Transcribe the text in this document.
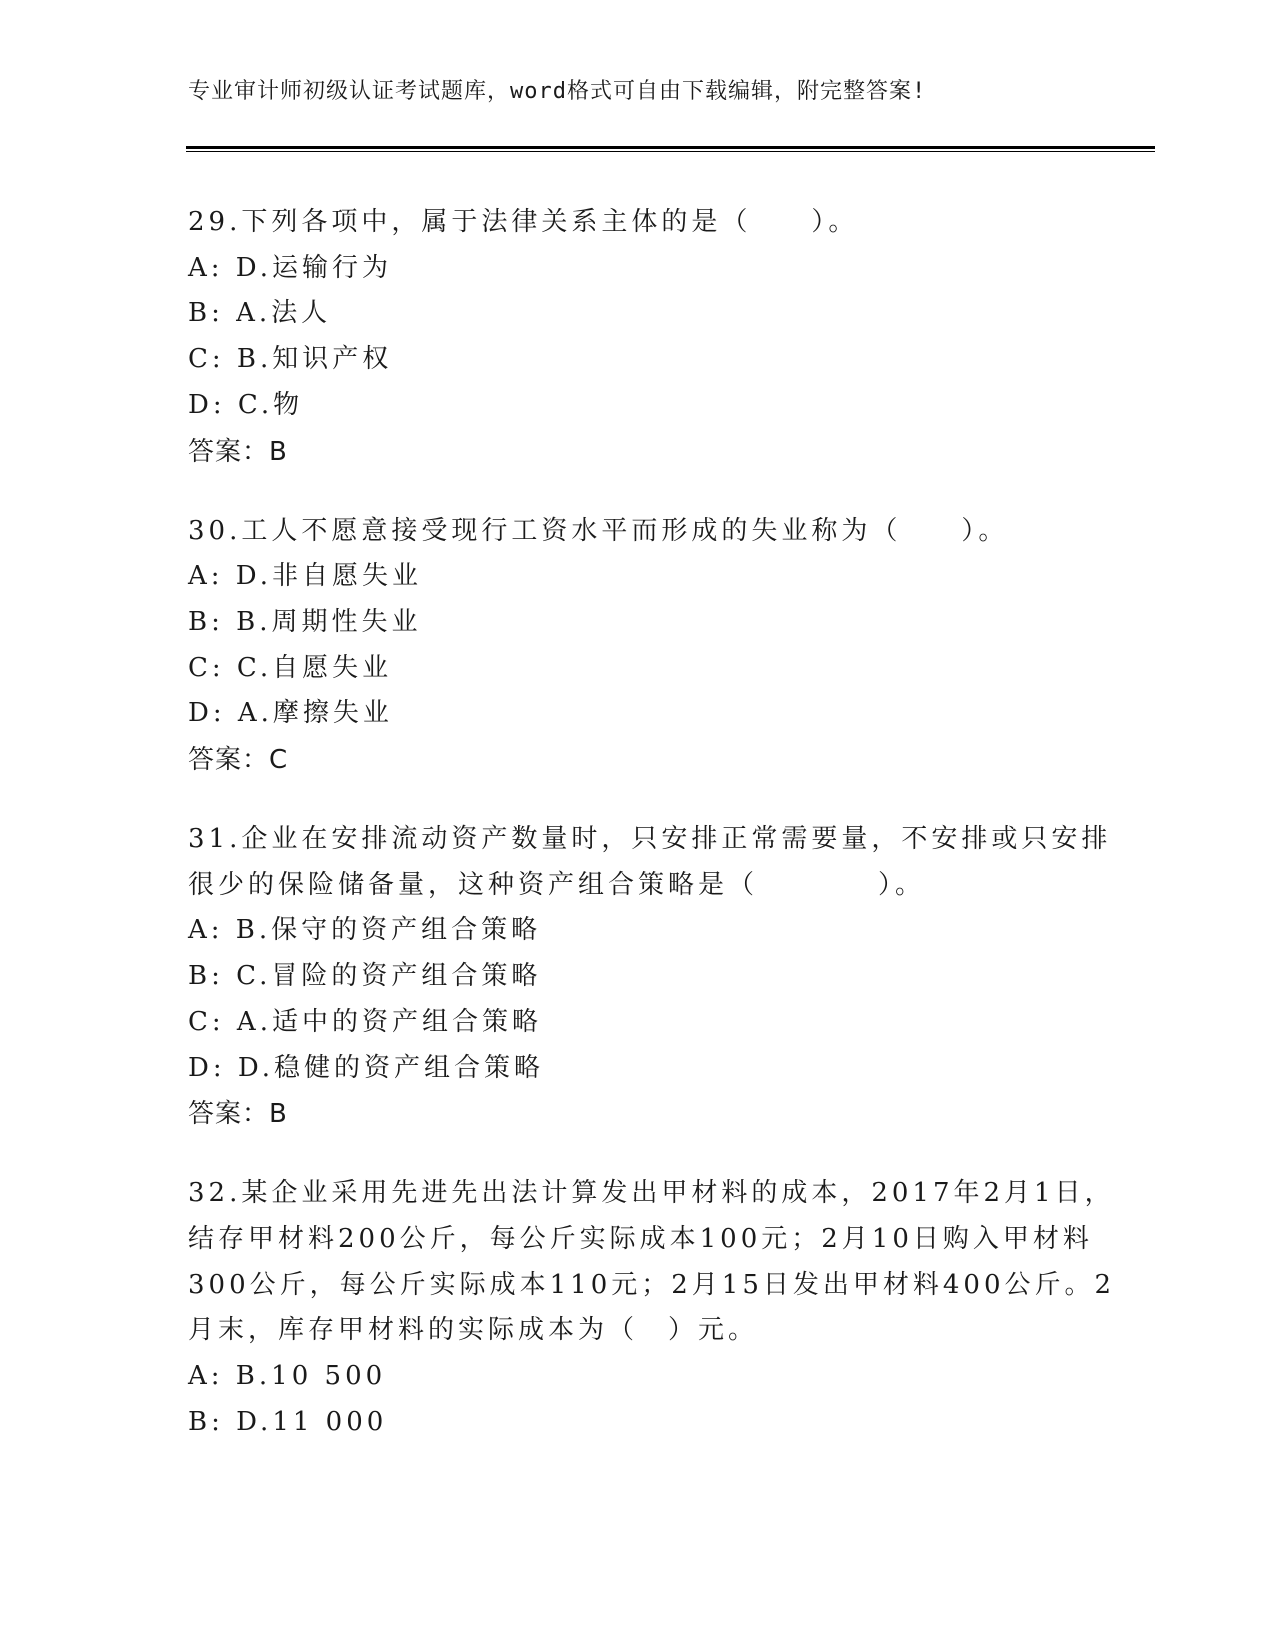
专业审计师初级认证考试题库，word格式可自由下载编辑，附完整答案!
29.下列各项中，属于法律关系主体的是（　　）。
A: D.运输行为
B: A.法人
C: B.知识产权
D: C.物
答案：B
30.工人不愿意接受现行工资水平而形成的失业称为（　　）。
A: D.非自愿失业
B: B.周期性失业
C: C.自愿失业
D: A.摩擦失业
答案：C
31.企业在安排流动资产数量时，只安排正常需要量，不安排或只安排
很少的保险储备量，这种资产组合策略是（　　　　）。
A: B.保守的资产组合策略
B: C.冒险的资产组合策略
C: A.适中的资产组合策略
D: D.稳健的资产组合策略
答案：B
32.某企业采用先进先出法计算发出甲材料的成本，2017年2月1日，
结存甲材料200公斤，每公斤实际成本100元；2月10日购入甲材料
300公斤，每公斤实际成本110元；2月15日发出甲材料400公斤。2
月末，库存甲材料的实际成本为（　）元。
A: B.10 500
B: D.11 000
